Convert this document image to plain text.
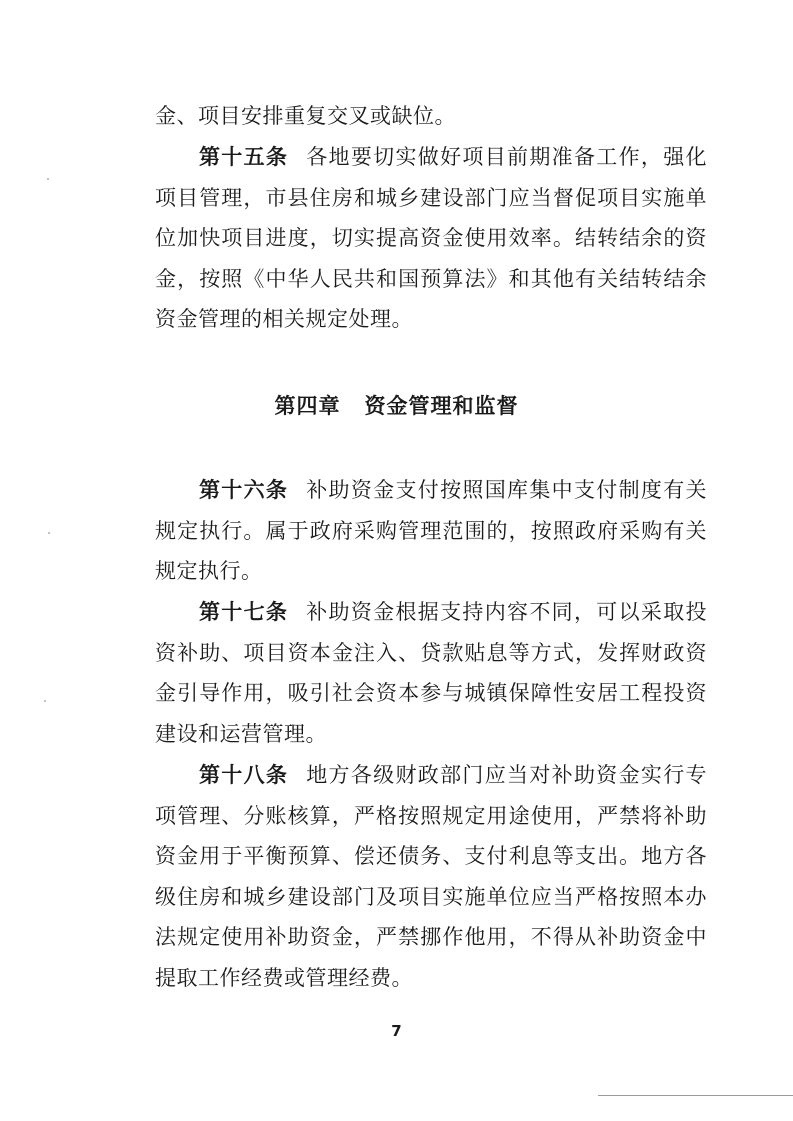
金、项目安排重复交叉或缺位。

第十五条 各地要切实做好项目前期准备工作，强化项目管理，市县住房和城乡建设部门应当督促项目实施单位加快项目进度，切实提高资金使用效率。结转结余的资金，按照《中华人民共和国预算法》和其他有关结转结余资金管理的相关规定处理。

第四章 资金管理和监督

第十六条 补助资金支付按照国库集中支付制度有关规定执行。属于政府采购管理范围的，按照政府采购有关规定执行。

第十七条 补助资金根据支持内容不同，可以采取投资补助、项目资本金注入、贷款贴息等方式，发挥财政资金引导作用，吸引社会资本参与城镇保障性安居工程投资建设和运营管理。

第十八条 地方各级财政部门应当对补助资金实行专项管理、分账核算，严格按照规定用途使用，严禁将补助资金用于平衡预算、偿还债务、支付利息等支出。地方各级住房和城乡建设部门及项目实施单位应当严格按照本办法规定使用补助资金，严禁挪作他用，不得从补助资金中提取工作经费或管理经费。

7
